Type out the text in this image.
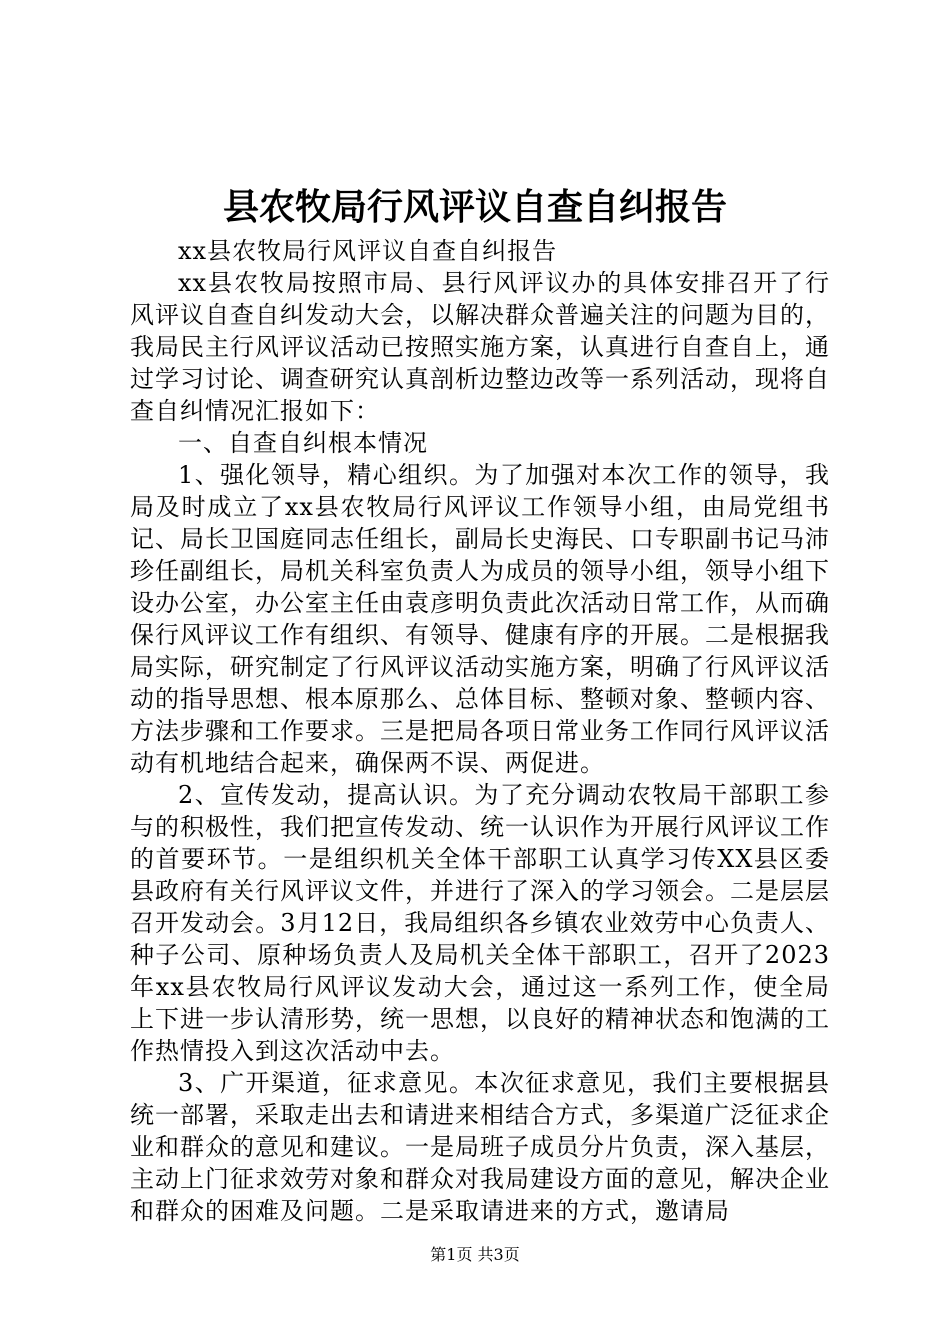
县农牧局行风评议自查自纠报告

xx县农牧局行风评议自查自纠报告

xx县农牧局按照市局、县行风评议办的具体安排召开了行风评议自查自纠发动大会，以解决群众普遍关注的问题为目的，我局民主行风评议活动已按照实施方案，认真进行自查自上，通过学习讨论、调查研究认真剖析边整边改等一系列活动，现将自查自纠情况汇报如下：

一、自查自纠根本情况

1、强化领导，精心组织。为了加强对本次工作的领导，我局及时成立了xx县农牧局行风评议工作领导小组，由局党组书记、局长卫国庭同志任组长，副局长史海民、口专职副书记马沛珍任副组长，局机关科室负责人为成员的领导小组，领导小组下设办公室，办公室主任由袁彦明负责此次活动日常工作，从而确保行风评议工作有组织、有领导、健康有序的开展。二是根据我局实际，研究制定了行风评议活动实施方案，明确了行风评议活动的指导思想、根本原那么、总体目标、整顿对象、整顿内容、方法步骤和工作要求。三是把局各项日常业务工作同行风评议活动有机地结合起来，确保两不误、两促进。

2、宣传发动，提高认识。为了充分调动农牧局干部职工参与的积极性，我们把宣传发动、统一认识作为开展行风评议工作的首要环节。一是组织机关全体干部职工认真学习传XX县区委县政府有关行风评议文件，并进行了深入的学习领会。二是层层召开发动会。3月12日，我局组织各乡镇农业效劳中心负责人、种子公司、原种场负责人及局机关全体干部职工，召开了2023年xx县农牧局行风评议发动大会，通过这一系列工作，使全局上下进一步认清形势，统一思想，以良好的精神状态和饱满的工作热情投入到这次活动中去。

3、广开渠道，征求意见。本次征求意见，我们主要根据县统一部署，采取走出去和请进来相结合方式，多渠道广泛征求企业和群众的意见和建议。一是局班子成员分片负责，深入基层，主动上门征求效劳对象和群众对我局建设方面的意见，解决企业和群众的困难及问题。二是采取请进来的方式，邀请局

第1页 共3页
